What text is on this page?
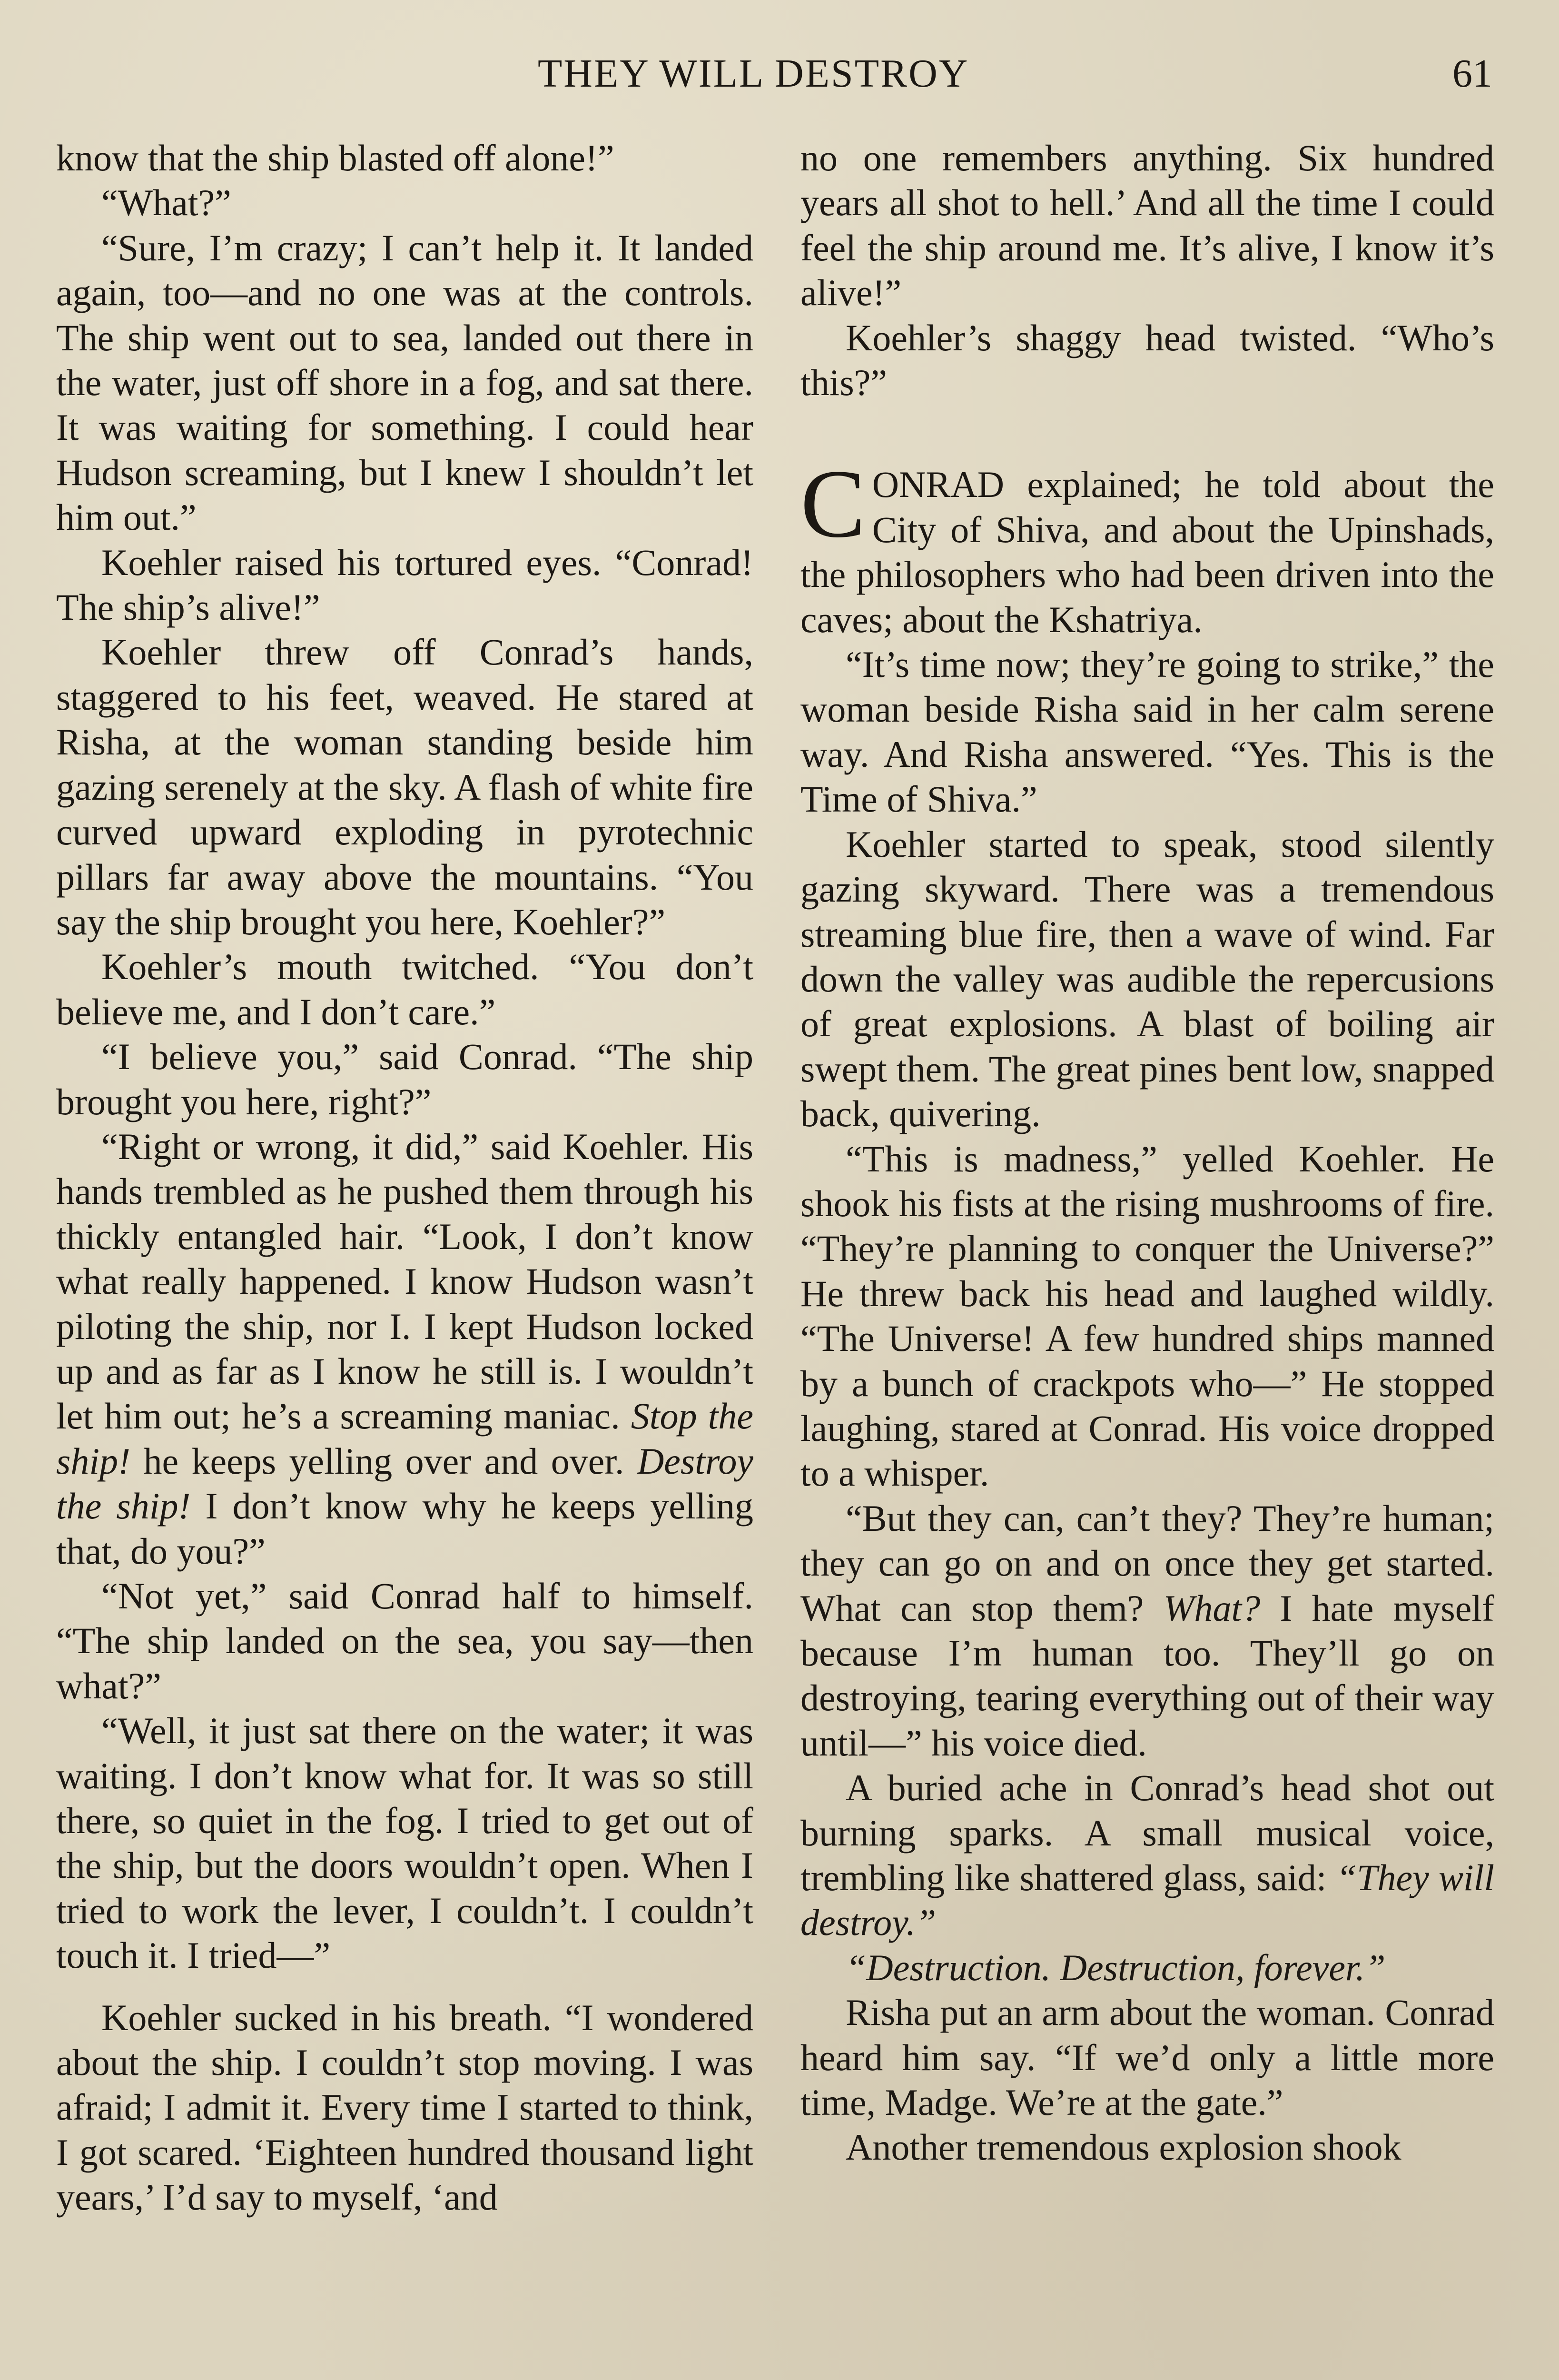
THEY WILL DESTROY	61

know that the ship blasted off alone!”

“What?”

“Sure, I’m crazy; I can’t help it. It landed again, too—and no one was at the controls. The ship went out to sea, landed out there in the water, just off shore in a fog, and sat there. It was waiting for something. I could hear Hudson screaming, but I knew I shouldn’t let him out.”

Koehler raised his tortured eyes. “Conrad! The ship’s alive!”

Koehler threw off Conrad’s hands, staggered to his feet, weaved. He stared at Risha, at the woman standing beside him gazing serenely at the sky. A flash of white fire curved upward exploding in pyrotechnic pillars far away above the mountains. “You say the ship brought you here, Koehler?”

Koehler’s mouth twitched. “You don’t believe me, and I don’t care.”

“I believe you,” said Conrad. “The ship brought you here, right?”

“Right or wrong, it did,” said Koehler. His hands trembled as he pushed them through his thickly entangled hair. “Look, I don’t know what really happened. I know Hudson wasn’t piloting the ship, nor I. I kept Hudson locked up and as far as I know he still is. I wouldn’t let him out; he’s a screaming maniac. Stop the ship! he keeps yelling over and over. Destroy the ship! I don’t know why he keeps yelling that, do you?”

“Not yet,” said Conrad half to himself. “The ship landed on the sea, you say—then what?”

“Well, it just sat there on the water; it was waiting. I don’t know what for. It was so still there, so quiet in the fog. I tried to get out of the ship, but the doors wouldn’t open. When I tried to work the lever, I couldn’t. I couldn’t touch it. I tried—”

Koehler sucked in his breath. “I wondered about the ship. I couldn’t stop moving. I was afraid; I admit it. Every time I started to think, I got scared. ‘Eighteen hundred thousand light years,’ I’d say to myself, ‘and

no one remembers anything. Six hundred years all shot to hell.’ And all the time I could feel the ship around me. It’s alive, I know it’s alive!”

Koehler’s shaggy head twisted. “Who’s this?”

CONRAD explained; he told about the City of Shiva, and about the Upinshads, the philosophers who had been driven into the caves; about the Kshatriya.

“It’s time now; they’re going to strike,” the woman beside Risha said in her calm serene way. And Risha answered. “Yes. This is the Time of Shiva.”

Koehler started to speak, stood silently gazing skyward. There was a tremendous streaming blue fire, then a wave of wind. Far down the valley was audible the repercusions of great explosions. A blast of boiling air swept them. The great pines bent low, snapped back, quivering.

“This is madness,” yelled Koehler. He shook his fists at the rising mushrooms of fire. “They’re planning to conquer the Universe?” He threw back his head and laughed wildly. “The Universe! A few hundred ships manned by a bunch of crackpots who—” He stopped laughing, stared at Conrad. His voice dropped to a whisper.

“But they can, can’t they? They’re human; they can go on and on once they get started. What can stop them? What? I hate myself because I’m human too. They’ll go on destroying, tearing everything out of their way until—” his voice died.

A buried ache in Conrad’s head shot out burning sparks. A small musical voice, trembling like shattered glass, said: “They will destroy.”

“Destruction. Destruction, forever.”

Risha put an arm about the woman. Conrad heard him say. “If we’d only a little more time, Madge. We’re at the gate.”

Another tremendous explosion shook
